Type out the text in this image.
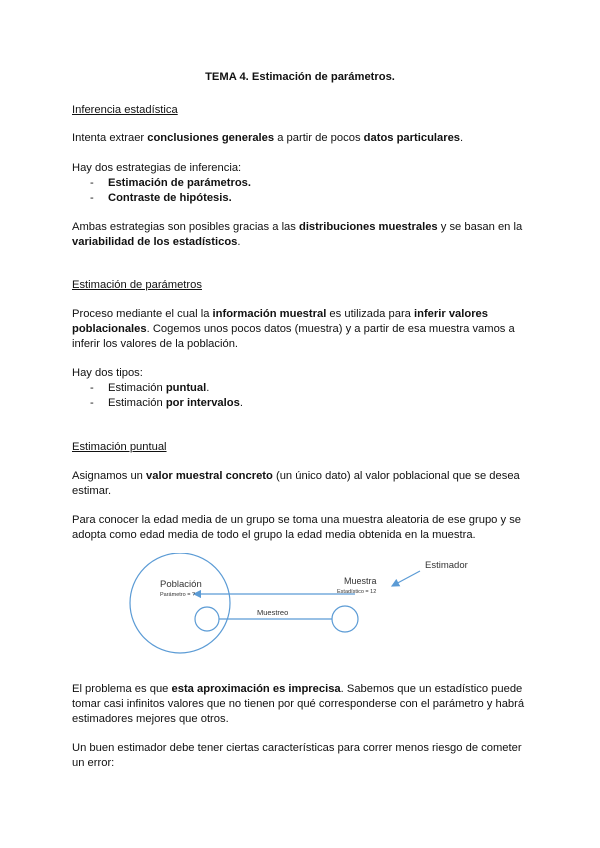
TEMA 4. Estimación de parámetros.

Inferencia estadística

Intenta extraer conclusiones generales a partir de pocos datos particulares.

Hay dos estrategias de inferencia:

- Estimación de parámetros.
- Contraste de hipótesis.

Ambas estrategias son posibles gracias a las distribuciones muestrales y se basan en la variabilidad de los estadísticos.

Estimación de parámetros

Proceso mediante el cual la información muestral es utilizada para inferir valores poblacionales. Cogemos unos pocos datos (muestra) y a partir de esa muestra vamos a inferir los valores de la población.

Hay dos tipos:

- Estimación puntual.
- Estimación por intervalos.

Estimación puntual

Asignamos un valor muestral concreto (un único dato) al valor poblacional que se desea estimar.

Para conocer la edad media de un grupo se toma una muestra aleatoria de ese grupo y se adopta como edad media de todo el grupo la edad media obtenida en la muestra.

Estimador
Población
Parámetro = ?
Muestra
Estadístico = 12
Muestreo

El problema es que esta aproximación es imprecisa. Sabemos que un estadístico puede tomar casi infinitos valores que no tienen por qué corresponderse con el parámetro y habrá estimadores mejores que otros.

Un buen estimador debe tener ciertas características para correr menos riesgo de cometer un error:
